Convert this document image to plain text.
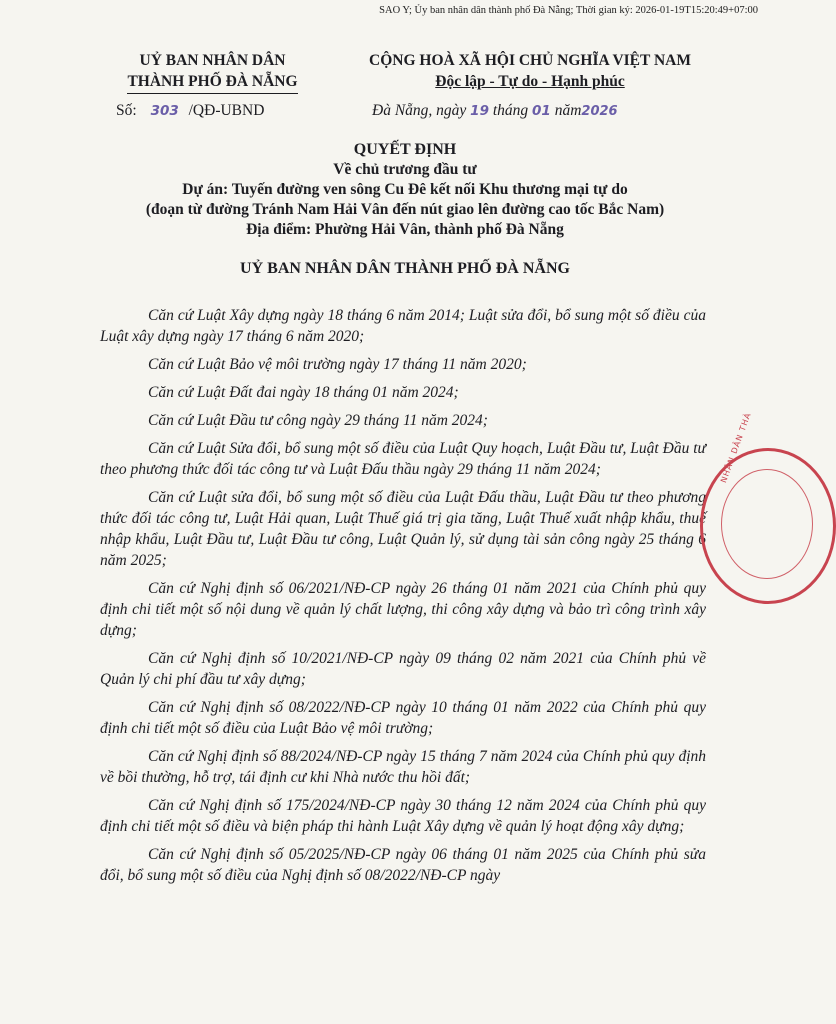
SAO Y; Ủy ban nhân dân thành phố Đà Nẵng; Thời gian ký: 2026-01-19T15:20:49+07:00
UỶ BAN NHÂN DÂN
THÀNH PHỐ ĐÀ NẴNG
CỘNG HOÀ XÃ HỘI CHỦ NGHĨA VIỆT NAM
Độc lập - Tự do - Hạnh phúc
Số: 303 /QĐ-UBND	Đà Nẵng, ngày 19 tháng 01 năm2026
QUYẾT ĐỊNH
Về chủ trương đầu tư
Dự án: Tuyến đường ven sông Cu Đê kết nối Khu thương mại tự do
(đoạn từ đường Tránh Nam Hải Vân đến nút giao lên đường cao tốc Bắc Nam)
Địa điểm: Phường Hải Vân, thành phố Đà Nẵng
UỶ BAN NHÂN DÂN THÀNH PHỐ ĐÀ NẴNG

Căn cứ Luật Xây dựng ngày 18 tháng 6 năm 2014; Luật sửa đổi, bổ sung một số điều của Luật xây dựng ngày 17 tháng 6 năm 2020;

Căn cứ Luật Bảo vệ môi trường ngày 17 tháng 11 năm 2020;

Căn cứ Luật Đất đai ngày 18 tháng 01 năm 2024;

Căn cứ Luật Đầu tư công ngày 29 tháng 11 năm 2024;

Căn cứ Luật Sửa đổi, bổ sung một số điều của Luật Quy hoạch, Luật Đầu tư, Luật Đầu tư theo phương thức đối tác công tư và Luật Đấu thầu ngày 29 tháng 11 năm 2024;

Căn cứ Luật sửa đổi, bổ sung một số điều của Luật Đấu thầu, Luật Đầu tư theo phương thức đối tác công tư, Luật Hải quan, Luật Thuế giá trị gia tăng, Luật Thuế xuất nhập khẩu, thuế nhập khẩu, Luật Đầu tư, Luật Đầu tư công, Luật Quản lý, sử dụng tài sản công ngày 25 tháng 6 năm 2025;

Căn cứ Nghị định số 06/2021/NĐ-CP ngày 26 tháng 01 năm 2021 của Chính phủ quy định chi tiết một số nội dung về quản lý chất lượng, thi công xây dựng và bảo trì công trình xây dựng;

Căn cứ Nghị định số 10/2021/NĐ-CP ngày 09 tháng 02 năm 2021 của Chính phủ về Quản lý chi phí đầu tư xây dựng;

Căn cứ Nghị định số 08/2022/NĐ-CP ngày 10 tháng 01 năm 2022 của Chính phủ quy định chi tiết một số điều của Luật Bảo vệ môi trường;

Căn cứ Nghị định số 88/2024/NĐ-CP ngày 15 tháng 7 năm 2024 của Chính phủ quy định về bồi thường, hỗ trợ, tái định cư khi Nhà nước thu hồi đất;

Căn cứ Nghị định số 175/2024/NĐ-CP ngày 30 tháng 12 năm 2024 của Chính phủ quy định chi tiết một số điều và biện pháp thi hành Luật Xây dựng về quản lý hoạt động xây dựng;

Căn cứ Nghị định số 05/2025/NĐ-CP ngày 06 tháng 01 năm 2025 của Chính phủ sửa đổi, bổ sung một số điều của Nghị định số 08/2022/NĐ-CP ngày

NHÂN DÂN THÀ
